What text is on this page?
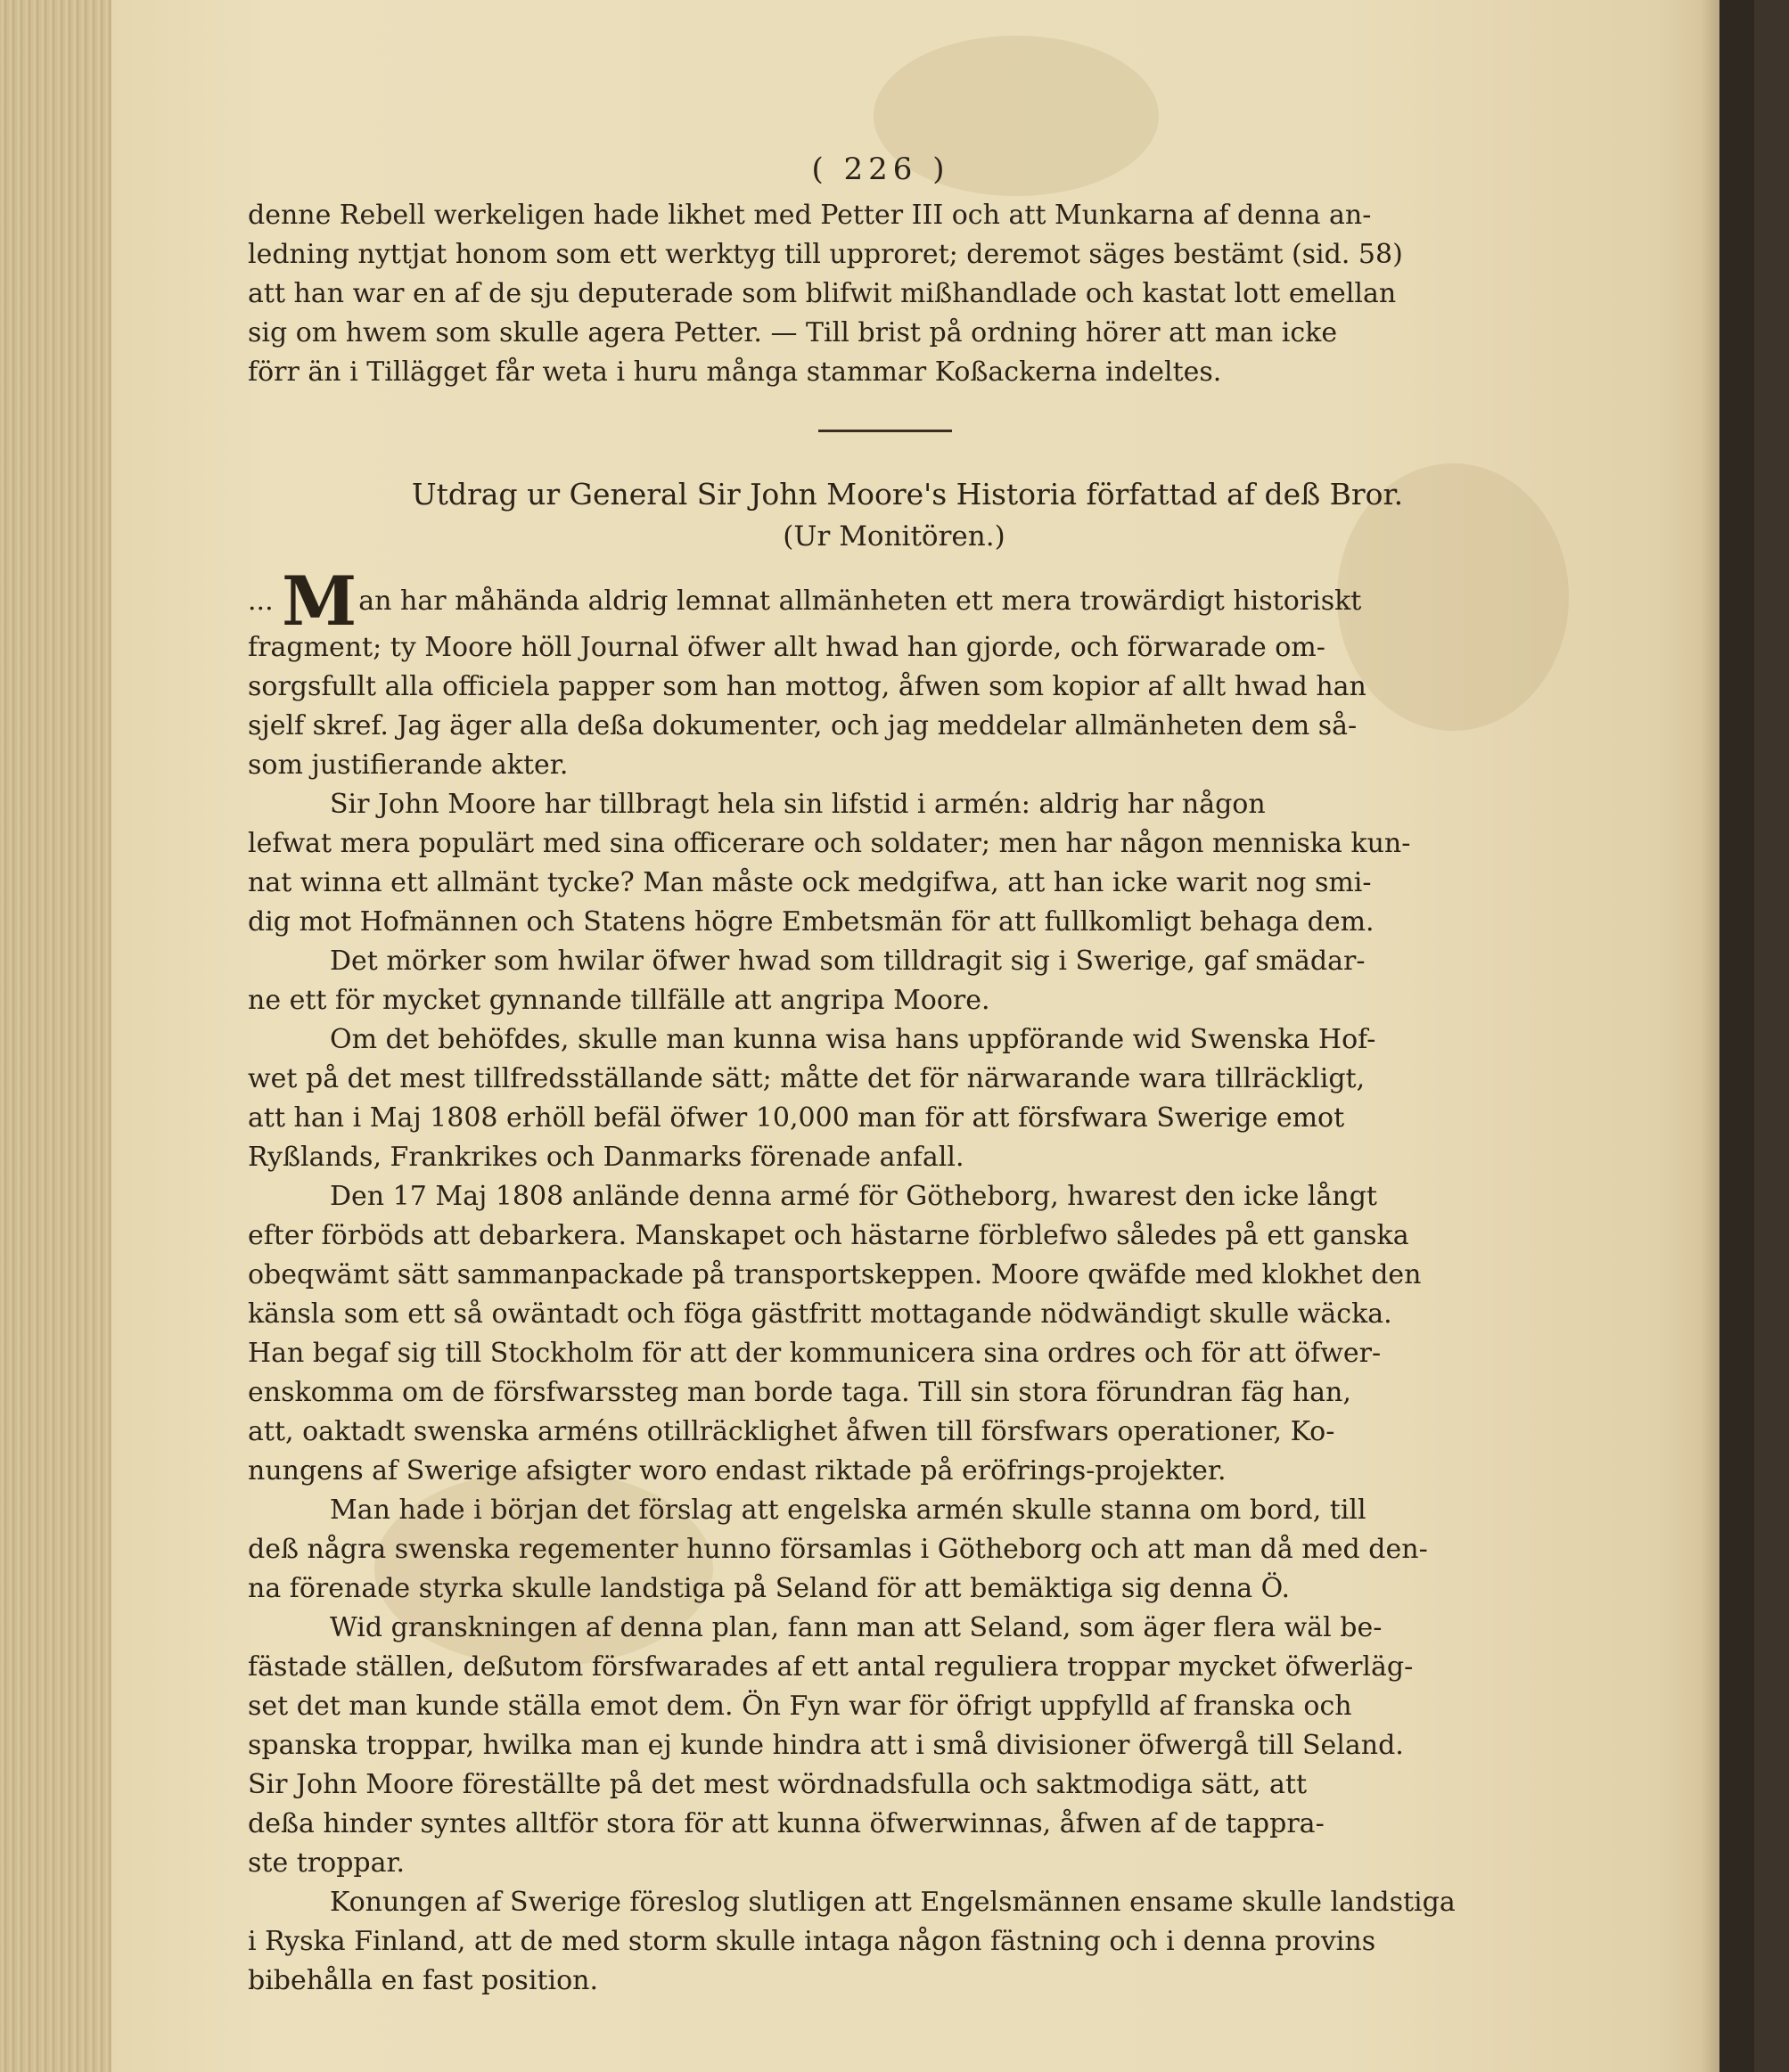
( 226 )
denne Rebell werkeligen hade likhet med Petter III och att Munkarna af denna an-
ledning nyttjat honom som ett werktyg till upproret; deremot säges bestämt (sid. 58)
att han war en af de sju deputerade som blifwit mißhandlade och kastat lott emellan
sig om hwem som skulle agera Petter. — Till brist på ordning hörer att man icke
förr än i Tillägget får weta i huru många stammar Koßackerna indeltes.
Utdrag ur General Sir John Moore's Historia författad af deß Bror.
(Ur Monitören.)
... Man har måhända aldrig lemnat allmänheten ett mera trowärdigt historiskt
fragment; ty Moore höll Journal öfwer allt hwad han gjorde, och förwarade om-
sorgsfullt alla officiela papper som han mottog, åfwen som kopior af allt hwad han
sjelf skref. Jag äger alla deßa dokumenter, och jag meddelar allmänheten dem så-
som justifierande akter.
Sir John Moore har tillbragt hela sin lifstid i armén: aldrig har någon
lefwat mera populärt med sina officerare och soldater; men har någon menniska kun-
nat winna ett allmänt tycke? Man måste ock medgifwa, att han icke warit nog smi-
dig mot Hofmännen och Statens högre Embetsmän för att fullkomligt behaga dem.
Det mörker som hwilar öfwer hwad som tilldragit sig i Swerige, gaf smädar-
ne ett för mycket gynnande tillfälle att angripa Moore.
Om det behöfdes, skulle man kunna wisa hans uppförande wid Swenska Hof-
wet på det mest tillfredsställande sätt; måtte det för närwarande wara tillräckligt,
att han i Maj 1808 erhöll befäl öfwer 10,000 man för att försfwara Swerige emot
Ryßlands, Frankrikes och Danmarks förenade anfall.
Den 17 Maj 1808 anlände denna armé för Götheborg, hwarest den icke långt
efter förböds att debarkera. Manskapet och hästarne förblefwo således på ett ganska
obeqwämt sätt sammanpackade på transportskeppen. Moore qwäfde med klokhet den
känsla som ett så owäntadt och föga gästfritt mottagande nödwändigt skulle wäcka.
Han begaf sig till Stockholm för att der kommunicera sina ordres och för att öfwer-
enskomma om de försfwarssteg man borde taga. Till sin stora förundran fäg han,
att, oaktadt swenska arméns otillräcklighet åfwen till försfwars operationer, Ko-
nungens af Swerige afsigter woro endast riktade på eröfrings-projekter.
Man hade i början det förslag att engelska armén skulle stanna om bord, till
deß några swenska regementer hunno församlas i Götheborg och att man då med den-
na förenade styrka skulle landstiga på Seland för att bemäktiga sig denna Ö.
Wid granskningen af denna plan, fann man att Seland, som äger flera wäl be-
fästade ställen, deßutom försfwarades af ett antal reguliera troppar mycket öfwerläg-
set det man kunde ställa emot dem. Ön Fyn war för öfrigt uppfylld af franska och
spanska troppar, hwilka man ej kunde hindra att i små divisioner öfwergå till Seland.
Sir John Moore föreställte på det mest wördnadsfulla och saktmodiga sätt, att
deßa hinder syntes alltför stora för att kunna öfwerwinnas, åfwen af de tappra-
ste troppar.
Konungen af Swerige föreslog slutligen att Engelsmännen ensame skulle landstiga
i Ryska Finland, att de med storm skulle intaga någon fästning och i denna provins
bibehålla en fast position.
